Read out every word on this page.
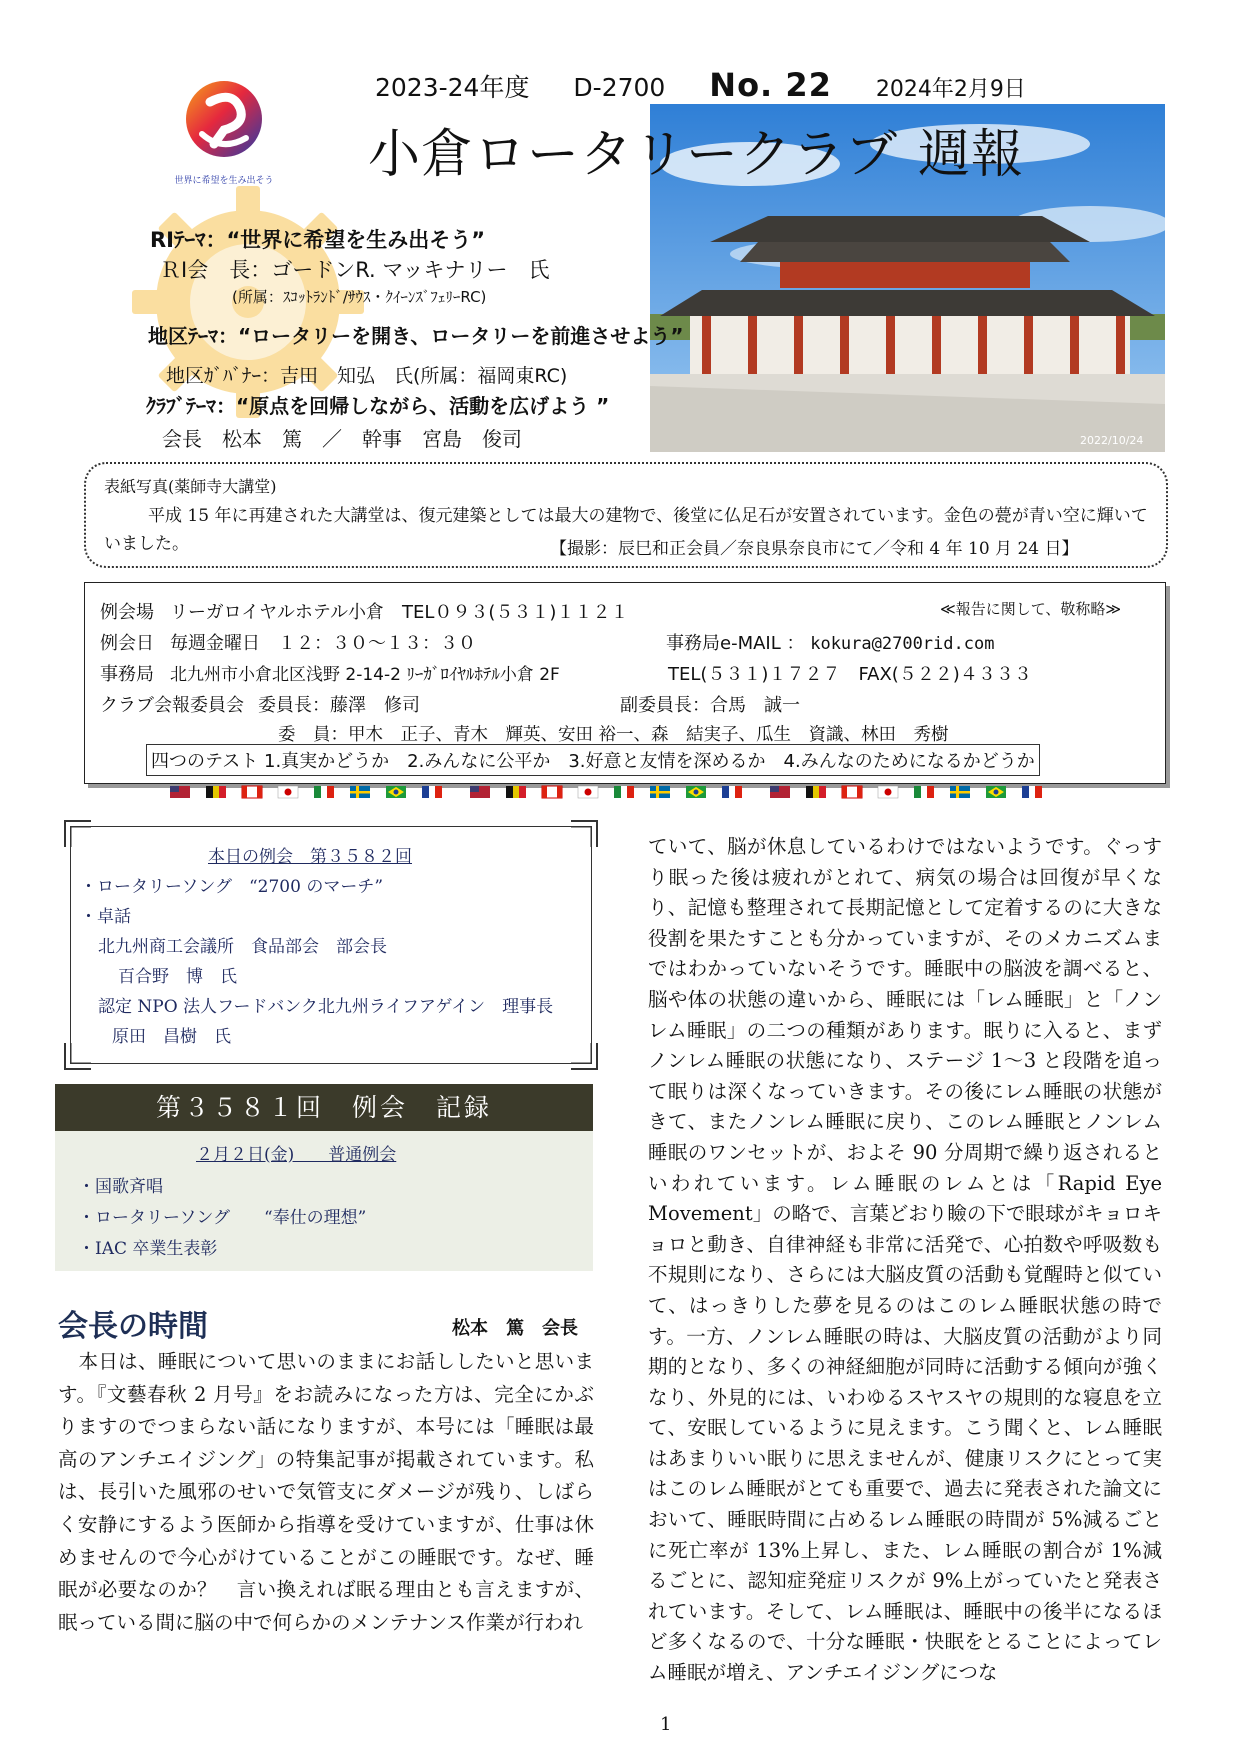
世界に希望を生み出そう
2023-24年度 D-2700 No. 22 2024年2月9日
小倉ロータリークラブ 週報
2022/10/24
RⅠﾃｰﾏ：“世界に希望を生み出そう”
ＲⅠ会　長：ゴードンR. マッキナリー　氏
(所属：ｽｺｯﾄﾗﾝﾄﾞ/ｻｳｽ・ｸｲｰﾝｽﾞﾌｪﾘｰRC)
地区ﾃｰﾏ：“ロータリーを開き、ロータリーを前進させよう”
地区ｶﾞﾊﾞﾅｰ：吉田　知弘　氏(所属：福岡東RC)
ｸﾗﾌﾞﾃｰﾏ：“原点を回帰しながら、活動を広げよう ”
会長　松本　篤　／　幹事　宮島　俊司
表紙写真(薬師寺大講堂)
平成 15 年に再建された大講堂は、復元建築としては最大の建物で、後堂に仏足石が安置されています。金色の甍が青い空に輝いていました。	【撮影：辰巳和正会員／奈良県奈良市にて／令和 4 年 10 月 24 日】
例会場 リーガロイヤルホテル小倉　TEL０９３(５３１)１１２１	≪報告に関して、敬称略≫
例会日 毎週金曜日　１２：３０～１３：３０	事務局e-MAIL ： kokura@2700rid.com
事務局 北九州市小倉北区浅野 2-14-2 ﾘｰｶﾞﾛｲﾔﾙﾎﾃﾙ小倉 2F	TEL(５３１)１７２７　FAX(５２２)４３３３
クラブ会報委員会 委員長：藤澤　修司	副委員長：合馬　誠一
委　員：甲木　正子、青木　輝英、安田 裕一、森　結実子、瓜生　資識、林田　秀樹
四つのテスト 1.真実かどうか　2.みんなに公平か　3.好意と友情を深めるか　4.みんなのためになるかどうか
本日の例会　第３５８２回
・ロータリーソング　“2700 のマーチ”
・卓話
北九州商工会議所　食品部会　部会長
百合野　博　氏
認定 NPO 法人フードバンク北九州ライフアゲイン　理事長
原田　昌樹　氏
第３５８１回　例会　記録
２月２日(金)　　普通例会
・国歌斉唱
・ロータリーソング　　“奉仕の理想”
・IAC 卒業生表彰
会長の時間	松本　篤　会長
本日は、睡眠について思いのままにお話ししたいと思います。『文藝春秋 2 月号』をお読みになった方は、完全にかぶりますのでつまらない話になりますが、本号には「睡眠は最高のアンチエイジング」の特集記事が掲載されています。私は、長引いた風邪のせいで気管支にダメージが残り、しばらく安静にするよう医師から指導を受けていますが、仕事は休めませんので今心がけていることがこの睡眠です。なぜ、睡眠が必要なのか？　言い換えれば眠る理由とも言えますが、眠っている間に脳の中で何らかのメンテナンス作業が行われ
ていて、脳が休息しているわけではないようです。ぐっすり眠った後は疲れがとれて、病気の場合は回復が早くなり、記憶も整理されて長期記憶として定着するのに大きな役割を果たすことも分かっていますが、そのメカニズムまではわかっていないそうです。睡眠中の脳波を調べると、脳や体の状態の違いから、睡眠には「レム睡眠」と「ノンレム睡眠」の二つの種類があります。眠りに入ると、まずノンレム睡眠の状態になり、ステージ 1～3 と段階を追って眠りは深くなっていきます。その後にレム睡眠の状態がきて、またノンレム睡眠に戻り、このレム睡眠とノンレム睡眠のワンセットが、およそ 90 分周期で繰り返されるといわれています。レム睡眠のレムとは「Rapid Eye Movement」の略で、言葉どおり瞼の下で眼球がキョロキョロと動き、自律神経も非常に活発で、心拍数や呼吸数も不規則になり、さらには大脳皮質の活動も覚醒時と似ていて、はっきりした夢を見るのはこのレム睡眠状態の時です。一方、ノンレム睡眠の時は、大脳皮質の活動がより同期的となり、多くの神経細胞が同時に活動する傾向が強くなり、外見的には、いわゆるスヤスヤの規則的な寝息を立て、安眠しているように見えます。こう聞くと、レム睡眠はあまりいい眠りに思えませんが、健康リスクにとって実はこのレム睡眠がとても重要で、過去に発表された論文において、睡眠時間に占めるレム睡眠の時間が 5%減るごとに死亡率が 13%上昇し、また、レム睡眠の割合が 1%減るごとに、認知症発症リスクが 9%上がっていたと発表されています。そして、レム睡眠は、睡眠中の後半になるほど多くなるので、十分な睡眠・快眠をとることによってレム睡眠が増え、アンチエイジングにつな
1
